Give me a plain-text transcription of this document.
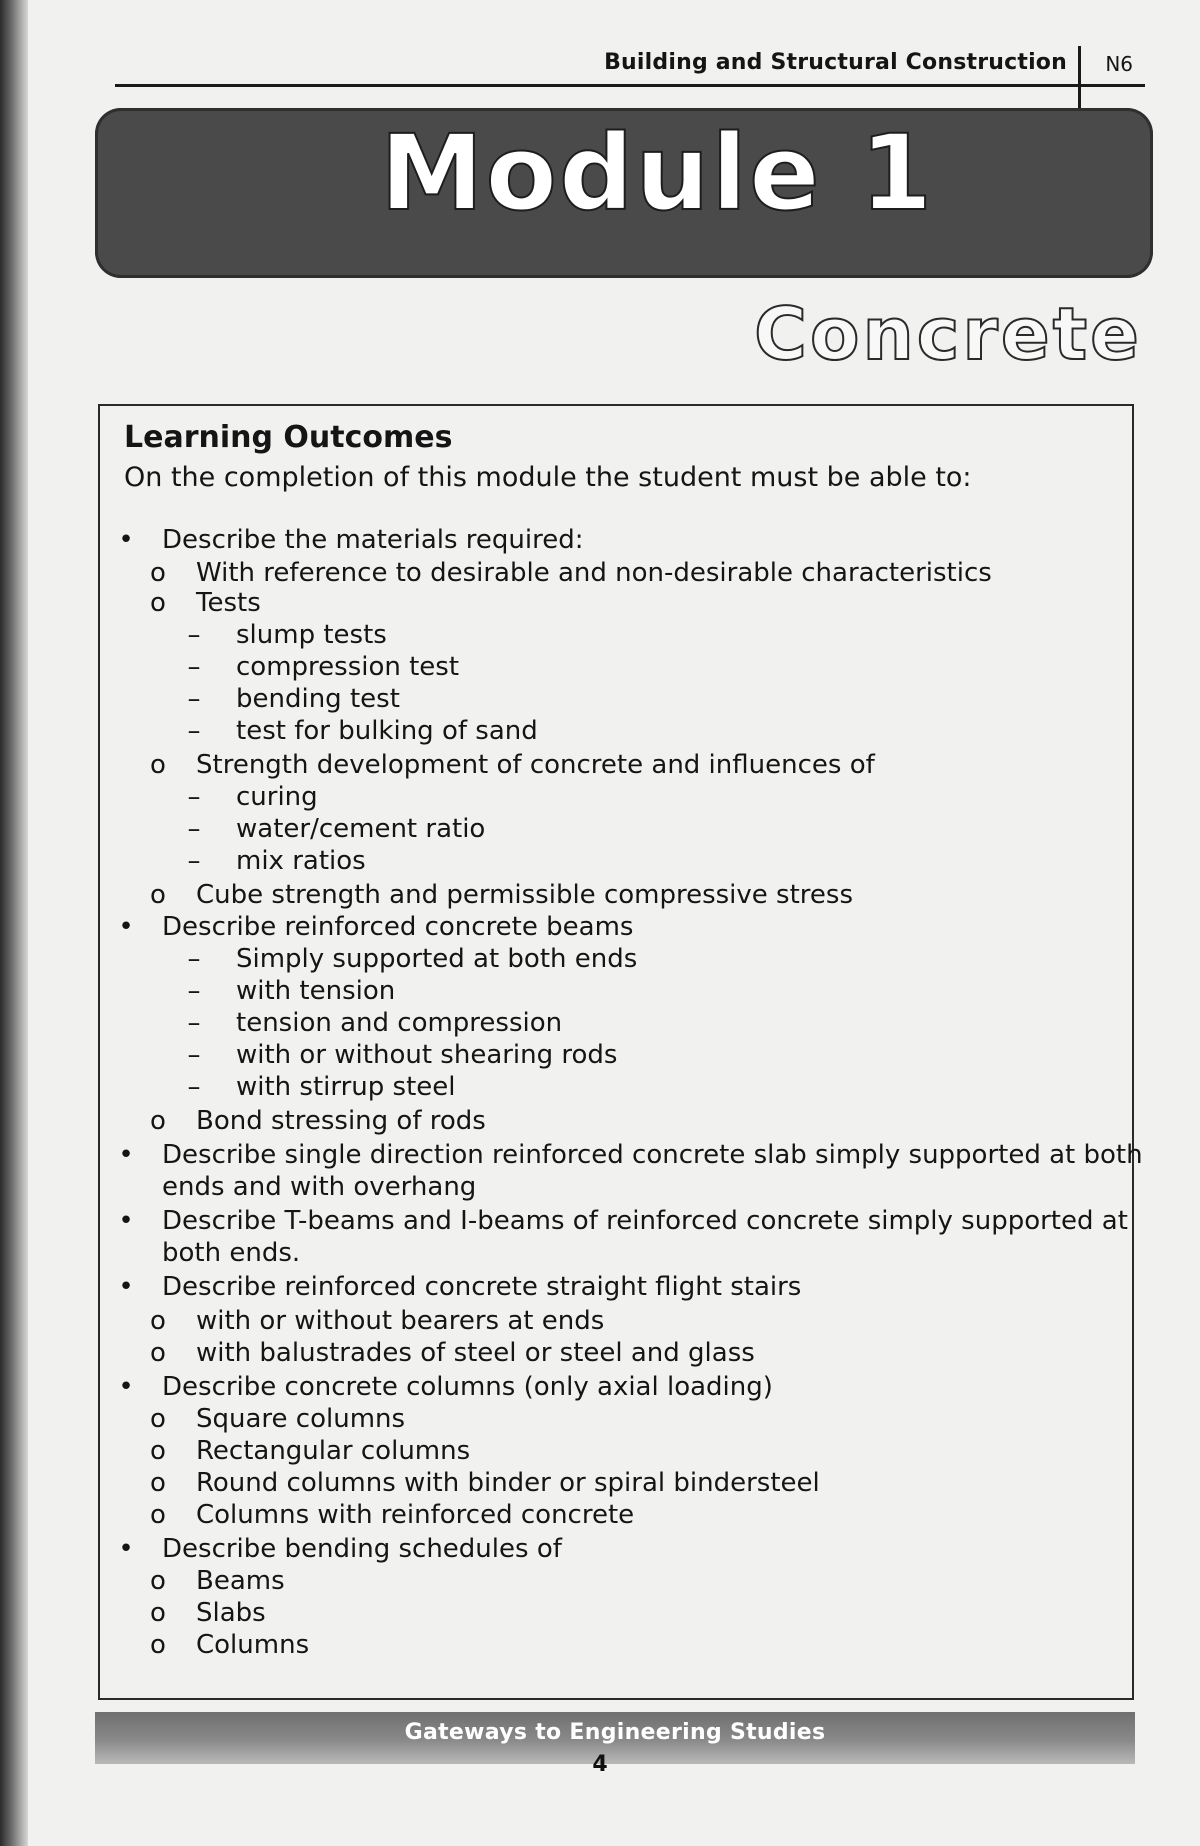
Building and Structural Construction N6
Module 1
Concrete
Learning Outcomes
On the completion of this module the student must be able to:
• Describe the materials required:
o With reference to desirable and non-desirable characteristics
o Tests
– slump tests
– compression test
– bending test
– test for bulking of sand
o Strength development of concrete and influences of
– curing
– water/cement ratio
– mix ratios
o Cube strength and permissible compressive stress
• Describe reinforced concrete beams
– Simply supported at both ends
– with tension
– tension and compression
– with or without shearing rods
– with stirrup steel
o Bond stressing of rods
• Describe single direction reinforced concrete slab simply supported at both
ends and with overhang
• Describe T-beams and I-beams of reinforced concrete simply supported at
both ends.
• Describe reinforced concrete straight flight stairs
o with or without bearers at ends
o with balustrades of steel or steel and glass
• Describe concrete columns (only axial loading)
o Square columns
o Rectangular columns
o Round columns with binder or spiral bindersteel
o Columns with reinforced concrete
• Describe bending schedules of
o Beams
o Slabs
o Columns
Gateways to Engineering Studies
4
